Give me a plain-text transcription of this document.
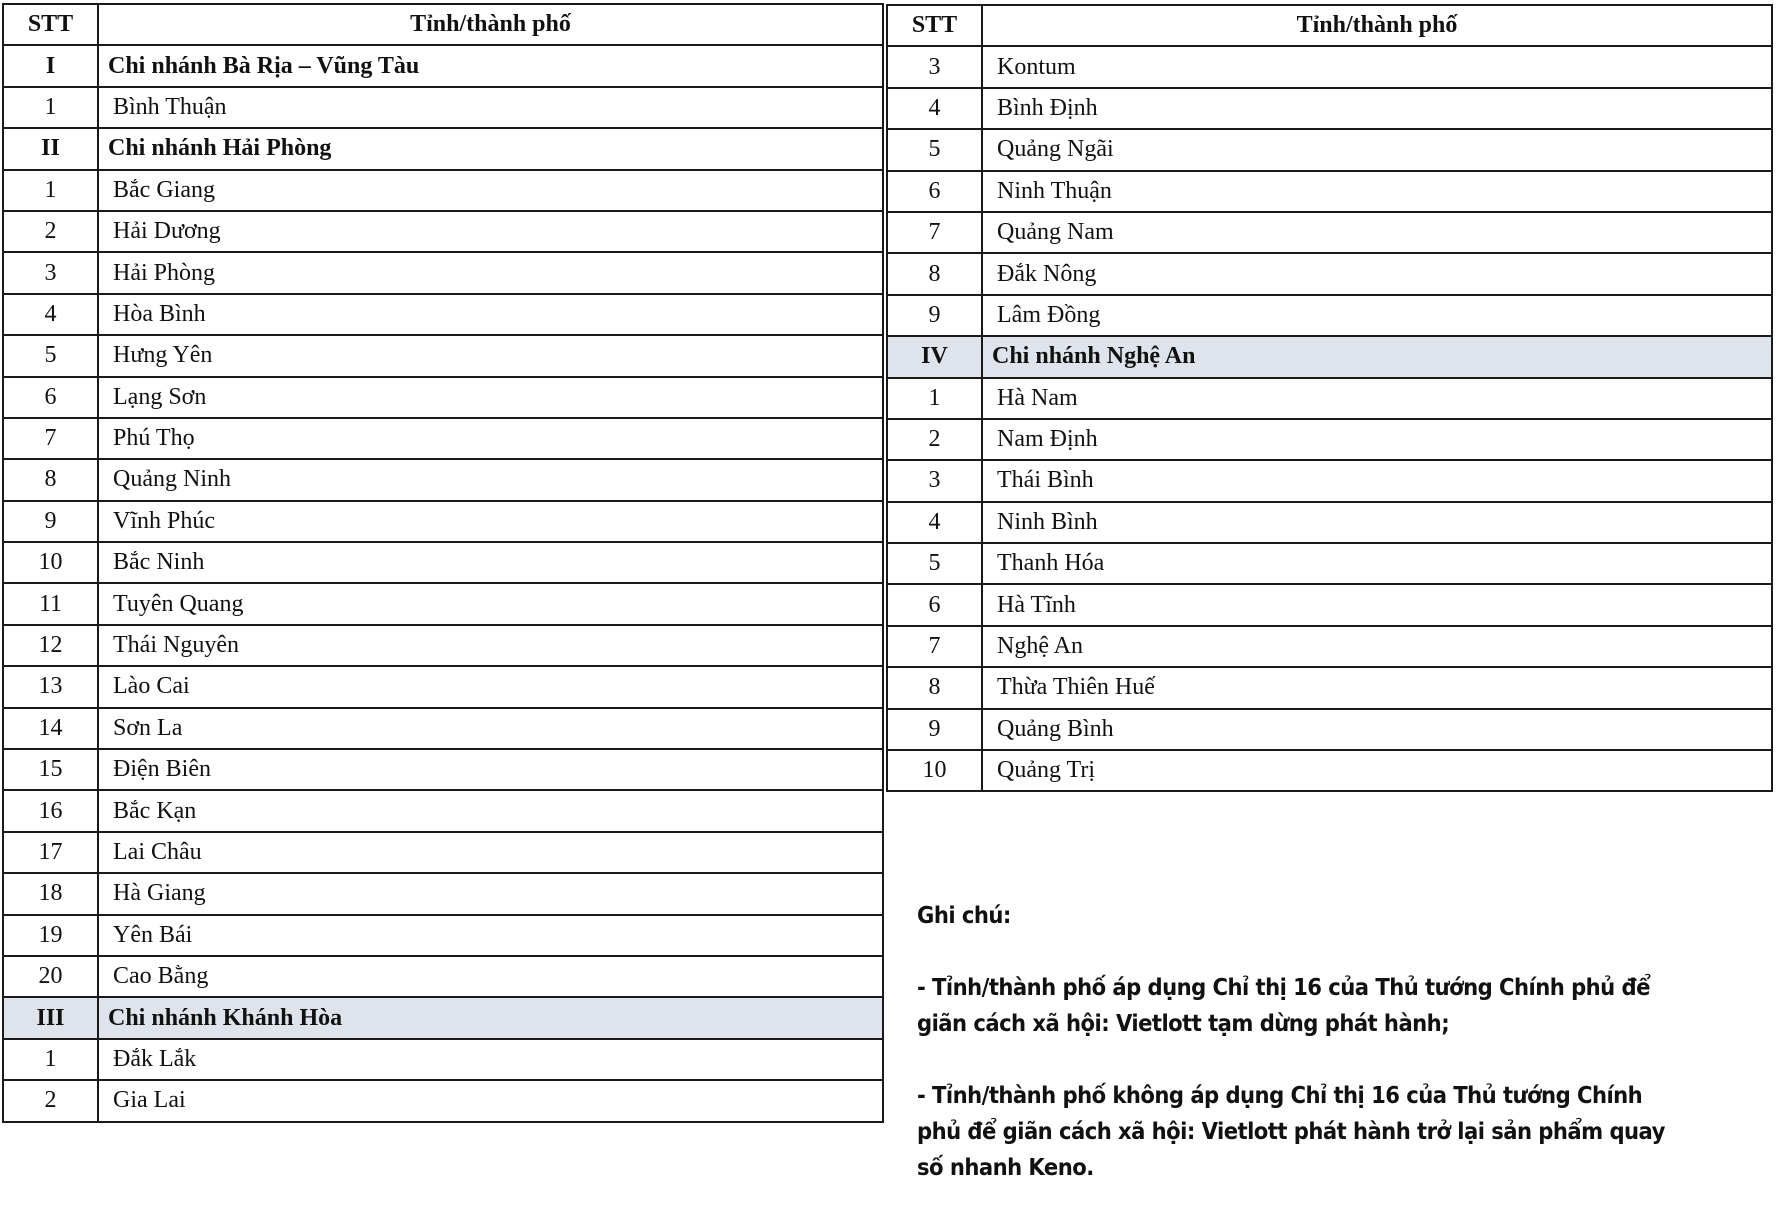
STT	Tỉnh/thành phố
I	Chi nhánh Bà Rịa – Vũng Tàu
1	Bình Thuận
II	Chi nhánh Hải Phòng
1	Bắc Giang
2	Hải Dương
3	Hải Phòng
4	Hòa Bình
5	Hưng Yên
6	Lạng Sơn
7	Phú Thọ
8	Quảng Ninh
9	Vĩnh Phúc
10	Bắc Ninh
11	Tuyên Quang
12	Thái Nguyên
13	Lào Cai
14	Sơn La
15	Điện Biên
16	Bắc Kạn
17	Lai Châu
18	Hà Giang
19	Yên Bái
20	Cao Bằng
III	Chi nhánh Khánh Hòa
1	Đắk Lắk
2	Gia Lai
STT	Tỉnh/thành phố
3	Kontum
4	Bình Định
5	Quảng Ngãi
6	Ninh Thuận
7	Quảng Nam
8	Đắk Nông
9	Lâm Đồng
IV	Chi nhánh Nghệ An
1	Hà Nam
2	Nam Định
3	Thái Bình
4	Ninh Bình
5	Thanh Hóa
6	Hà Tĩnh
7	Nghệ An
8	Thừa Thiên Huế
9	Quảng Bình
10	Quảng Trị

Ghi chú:

- Tỉnh/thành phố áp dụng Chỉ thị 16 của Thủ tướng Chính phủ để giãn cách xã hội: Vietlott tạm dừng phát hành;

- Tỉnh/thành phố không áp dụng Chỉ thị 16 của Thủ tướng Chính phủ để giãn cách xã hội: Vietlott phát hành trở lại sản phẩm quay số nhanh Keno.
